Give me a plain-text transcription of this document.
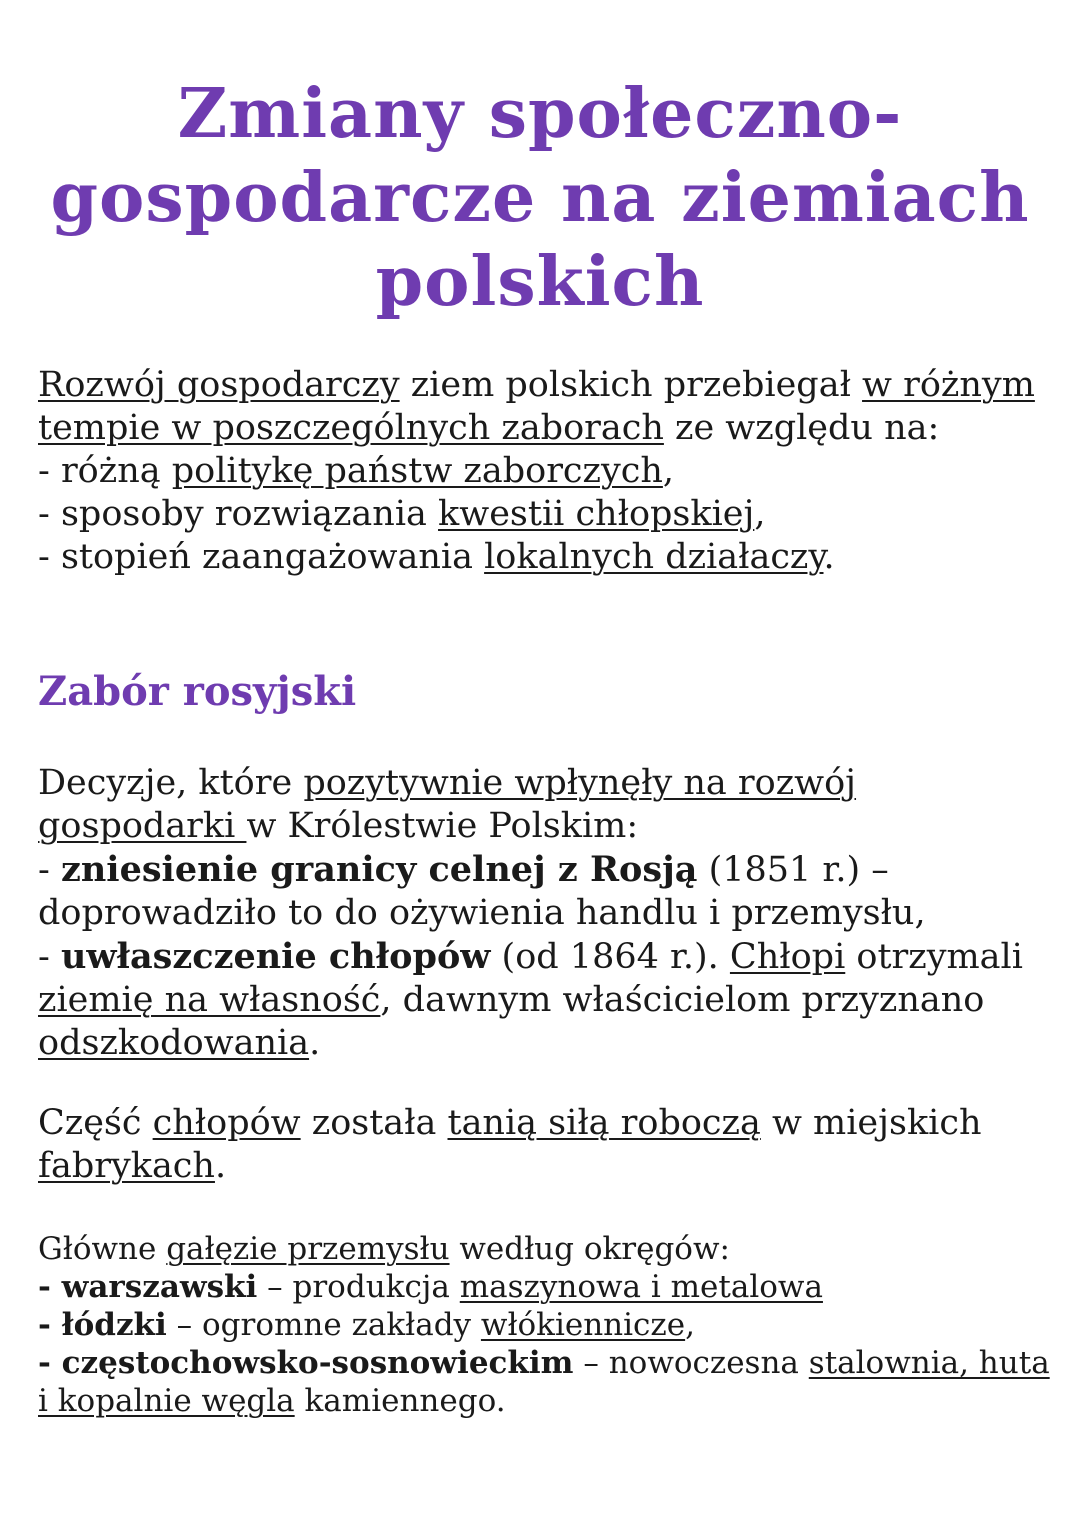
Zmiany społeczno-gospodarcze na ziemiach polskich

Rozwój gospodarczy ziem polskich przebiegał w różnym tempie w poszczególnych zaborach ze względu na:

- różną politykę państw zaborczych,

- sposoby rozwiązania kwestii chłopskiej,

- stopień zaangażowania lokalnych działaczy.

Zabór rosyjski

Decyzje, które pozytywnie wpłynęły na rozwój gospodarki w Królestwie Polskim:

- zniesienie granicy celnej z Rosją (1851 r.) – doprowadziło to do ożywienia handlu i przemysłu,

- uwłaszczenie chłopów (od 1864 r.). Chłopi otrzymali ziemię na własność, dawnym właścicielom przyznano odszkodowania.

Część chłopów została tanią siłą roboczą w miejskich fabrykach.

Główne gałęzie przemysłu według okręgów:

- warszawski – produkcja maszynowa i metalowa

- łódzki – ogromne zakłady włókiennicze,

- częstochowsko-sosnowieckim – nowoczesna stalownia, huta i kopalnie węgla kamiennego.
